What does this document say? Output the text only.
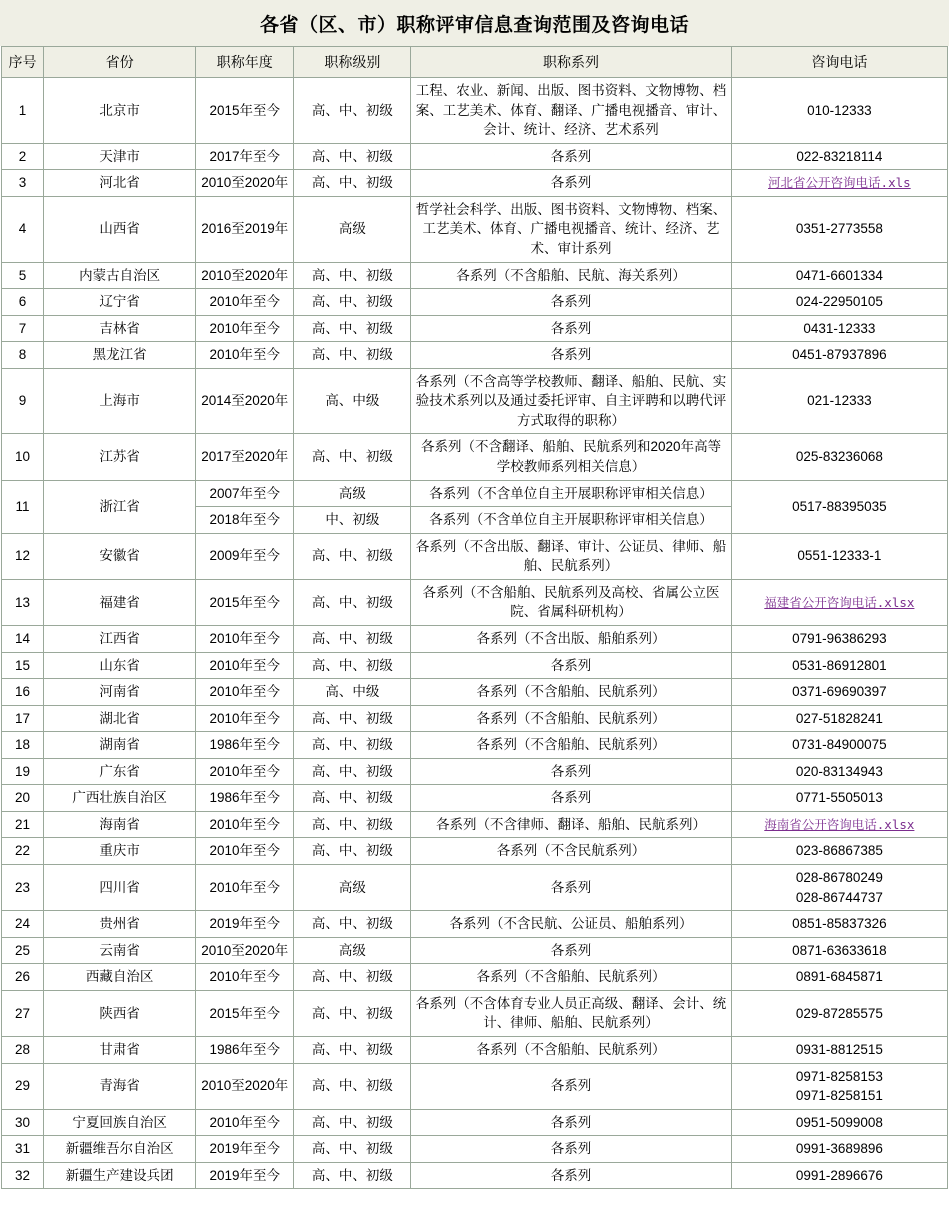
各省（区、市）职称评审信息查询范围及咨询电话
序号	省份	职称年度	职称级别	职称系列	咨询电话

1	北京市	2015年至今	高、中、初级	工程、农业、新闻、出版、图书资料、文物博物、档案、工艺美术、体育、翻译、广播电视播音、审计、会计、统计、经济、艺术系列	010-12333

2	天津市	2017年至今	高、中、初级	各系列	022-83218114

3	河北省	2010至2020年	高、中、初级	各系列	河北省公开咨询电话.xls

4	山西省	2016至2019年	高级	哲学社会科学、出版、图书资料、文物博物、档案、工艺美术、体育、广播电视播音、统计、经济、艺术、审计系列	0351-2773558

5	内蒙古自治区	2010至2020年	高、中、初级	各系列（不含船舶、民航、海关系列）	0471-6601334

6	辽宁省	2010年至今	高、中、初级	各系列	024-22950105

7	吉林省	2010年至今	高、中、初级	各系列	0431-12333

8	黑龙江省	2010年至今	高、中、初级	各系列	0451-87937896

9	上海市	2014至2020年	高、中级	各系列（不含高等学校教师、翻译、船舶、民航、实验技术系列以及通过委托评审、自主评聘和以聘代评方式取得的职称）	021-12333

10	江苏省	2017至2020年	高、中、初级	各系列（不含翻译、船舶、民航系列和2020年高等学校教师系列相关信息）	025-83236068

11	浙江省	2007年至今	高级	各系列（不含单位自主开展职称评审相关信息）	0517-88395035

		2018年至今	中、初级	各系列（不含单位自主开展职称评审相关信息）	

12	安徽省	2009年至今	高、中、初级	各系列（不含出版、翻译、审计、公证员、律师、船舶、民航系列）	0551-12333-1

13	福建省	2015年至今	高、中、初级	各系列（不含船舶、民航系列及高校、省属公立医院、省属科研机构）	福建省公开咨询电话.xlsx

14	江西省	2010年至今	高、中、初级	各系列（不含出版、船舶系列）	0791-96386293

15	山东省	2010年至今	高、中、初级	各系列	0531-86912801

16	河南省	2010年至今	高、中级	各系列（不含船舶、民航系列）	0371-69690397

17	湖北省	2010年至今	高、中、初级	各系列（不含船舶、民航系列）	027-51828241

18	湖南省	1986年至今	高、中、初级	各系列（不含船舶、民航系列）	0731-84900075

19	广东省	2010年至今	高、中、初级	各系列	020-83134943

20	广西壮族自治区	1986年至今	高、中、初级	各系列	0771-5505013

21	海南省	2010年至今	高、中、初级	各系列（不含律师、翻译、船舶、民航系列）	海南省公开咨询电话.xlsx

22	重庆市	2010年至今	高、中、初级	各系列（不含民航系列）	023-86867385

23	四川省	2010年至今	高级	各系列	028-86780249
028-86744737

24	贵州省	2019年至今	高、中、初级	各系列（不含民航、公证员、船舶系列）	0851-85837326

25	云南省	2010至2020年	高级	各系列	0871-63633618

26	西藏自治区	2010年至今	高、中、初级	各系列（不含船舶、民航系列）	0891-6845871

27	陕西省	2015年至今	高、中、初级	各系列（不含体育专业人员正高级、翻译、会计、统计、律师、船舶、民航系列）	029-87285575

28	甘肃省	1986年至今	高、中、初级	各系列（不含船舶、民航系列）	0931-8812515

29	青海省	2010至2020年	高、中、初级	各系列	0971-8258153
0971-8258151

30	宁夏回族自治区	2010年至今	高、中、初级	各系列	0951-5099008

31	新疆维吾尔自治区	2019年至今	高、中、初级	各系列	0991-3689896

32	新疆生产建设兵团	2019年至今	高、中、初级	各系列	0991-2896676
